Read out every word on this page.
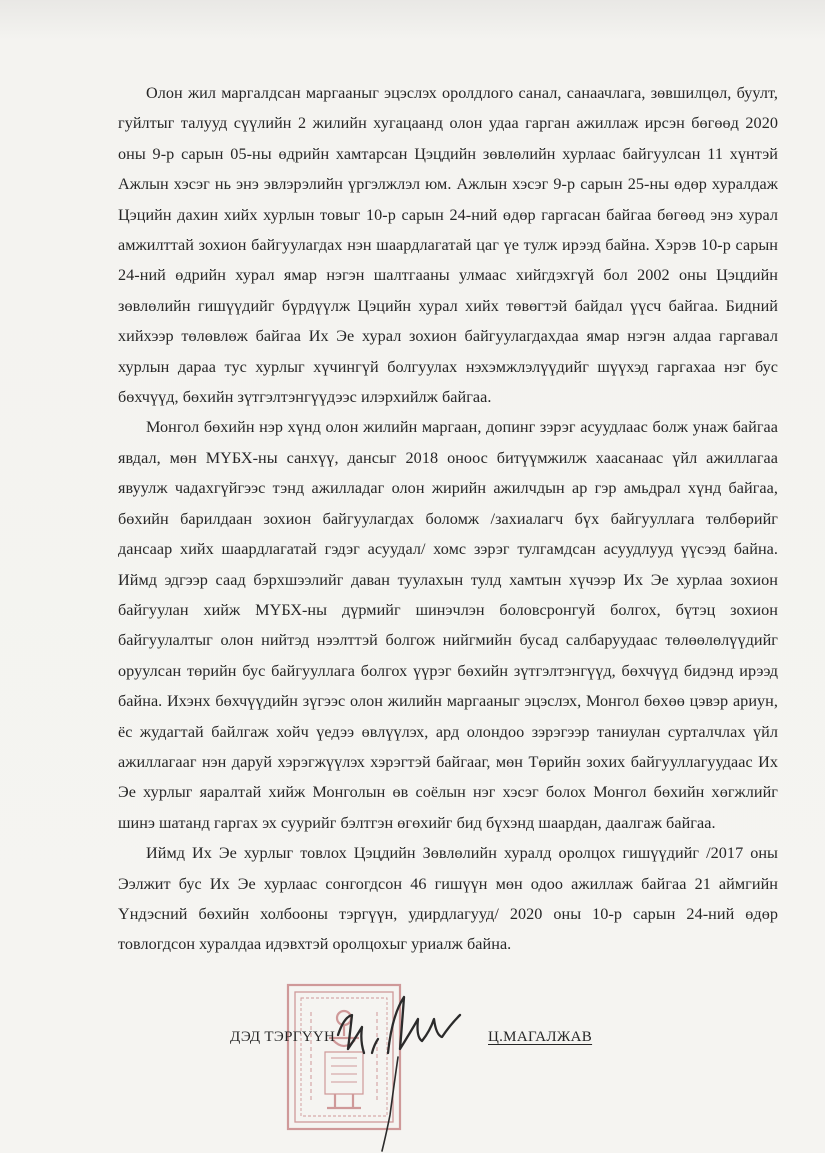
Олон жил маргалдсан маргааныг эцэслэх оролдлого санал, санаачлага, зөвшилцөл, буулт, гуйлтыг талууд сүүлийн 2 жилийн хугацаанд олон удаа гарган ажиллаж ирсэн бөгөөд 2020 оны 9-р сарын 05-ны өдрийн хамтарсан Цэцдийн зөвлөлийн хурлаас байгуулсан 11 хүнтэй Ажлын хэсэг нь энэ эвлэрэлийн үргэлжлэл юм. Ажлын хэсэг 9-р сарын 25-ны өдөр хуралдаж Цэцийн дахин хийх хурлын товыг 10-р сарын 24-ний өдөр гаргасан байгаа бөгөөд энэ хурал амжилттай зохион байгуулагдах нэн шаардлагатай цаг үе тулж ирээд байна. Хэрэв 10-р сарын 24-ний өдрийн хурал ямар нэгэн шалтгааны улмаас хийгдэхгүй бол 2002 оны Цэцдийн зөвлөлийн гишүүдийг бүрдүүлж Цэцийн хурал хийх төвөгтэй байдал үүсч байгаа. Бидний хийхээр төлөвлөж байгаа Их Эе хурал зохион байгуулагдахдаа ямар нэгэн алдаа гаргавал хурлын дараа тус хурлыг хүчингүй болгуулах нэхэмжлэлүүдийг шүүхэд гаргахаа нэг бус бөхчүүд, бөхийн зүтгэлтэнгүүдээс илэрхийлж байгаа.

Монгол бөхийн нэр хүнд олон жилийн маргаан, допинг зэрэг асуудлаас болж унаж байгаа явдал, мөн МҮБХ-ны санхүү, дансыг 2018 оноос битүүмжилж хаасанаас үйл ажиллагаа явуулж чадахгүйгээс тэнд ажилладаг олон жирийн ажилчдын ар гэр амьдрал хүнд байгаа, бөхийн барилдаан зохион байгуулагдах боломж /захиалагч бүх байгууллага төлбөрийг дансаар хийх шаардлагатай гэдэг асуудал/ хомс зэрэг тулгамдсан асуудлууд үүсээд байна. Иймд эдгээр саад бэрхшээлийг даван туулахын тулд хамтын хүчээр Их Эе хурлаа зохион байгуулан хийж МҮБХ-ны дүрмийг шинэчлэн боловсронгуй болгох, бүтэц зохион байгуулалтыг олон нийтэд нээлттэй болгож нийгмийн бусад салбаруудаас төлөөлөлүүдийг оруулсан төрийн бус байгууллага болгох үүрэг бөхийн зүтгэлтэнгүүд, бөхчүүд бидэнд ирээд байна. Ихэнх бөхчүүдийн зүгээс олон жилийн маргааныг эцэслэх, Монгол бөхөө цэвэр ариун, ёс жудагтай байлгаж хойч үедээ өвлүүлэх, ард олондоо зэрэгээр таниулан сурталчлах үйл ажиллагааг нэн даруй хэрэгжүүлэх хэрэгтэй байгааг, мөн Төрийн зохих байгууллагуудаас Их Эе хурлыг яаралтай хийж Монголын өв соёлын нэг хэсэг болох Монгол бөхийн хөгжлийг шинэ шатанд гаргах эх суурийг бэлтгэн өгөхийг бид бүхэнд шаардан, даалгаж байгаа.

Иймд Их Эе хурлыг товлох Цэцдийн Зөвлөлийн хуралд оролцох гишүүдийг /2017 оны Ээлжит бус Их Эе хурлаас сонгогдсон 46 гишүүн мөн одоо ажиллаж байгаа 21 аймгийн Үндэсний бөхийн холбооны тэргүүн, удирдлагууд/ 2020 оны 10-р сарын 24-ний өдөр товлогдсон хуралдаа идэвхтэй оролцохыг уриалж байна.

ДЭД ТЭРГҮҮН	Ц.МАГАЛЖАВ
